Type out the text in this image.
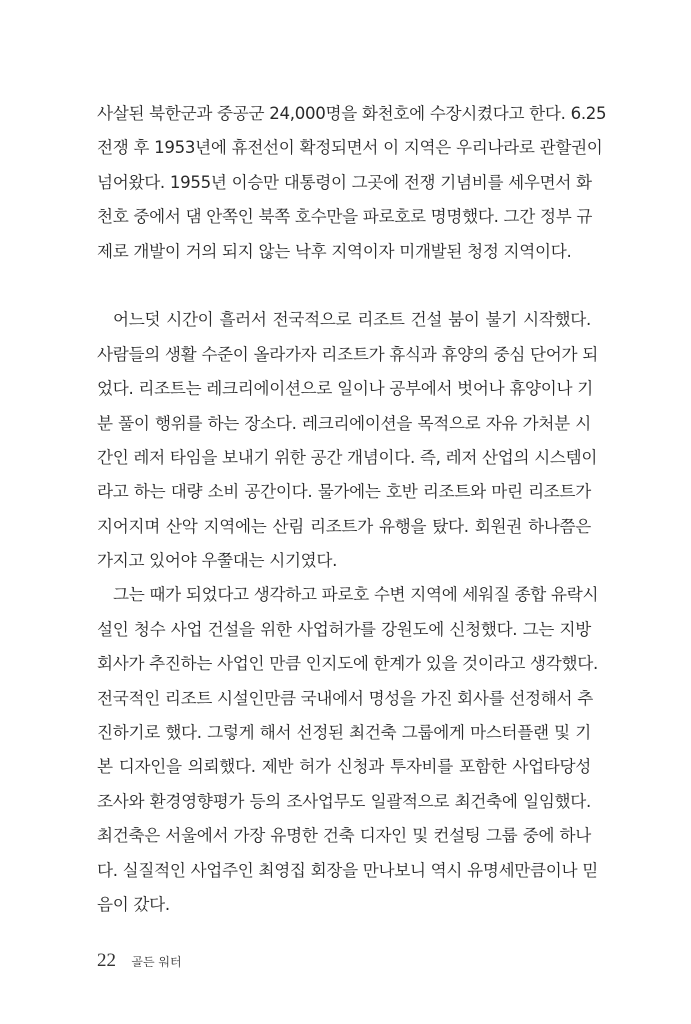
사살된 북한군과 중공군 24,000명을 화천호에 수장시켰다고 한다. 6.25
전쟁 후 1953년에 휴전선이 확정되면서 이 지역은 우리나라로 관할권이
넘어왔다. 1955년 이승만 대통령이 그곳에 전쟁 기념비를 세우면서 화
천호 중에서 댐 안쪽인 북쪽 호수만을 파로호로 명명했다. 그간 정부 규
제로 개발이 거의 되지 않는 낙후 지역이자 미개발된 청정 지역이다.
어느덧 시간이 흘러서 전국적으로 리조트 건설 붐이 불기 시작했다.
사람들의 생활 수준이 올라가자 리조트가 휴식과 휴양의 중심 단어가 되
었다. 리조트는 레크리에이션으로 일이나 공부에서 벗어나 휴양이나 기
분 풀이 행위를 하는 장소다. 레크리에이션을 목적으로 자유 가처분 시
간인 레저 타임을 보내기 위한 공간 개념이다. 즉, 레저 산업의 시스템이
라고 하는 대량 소비 공간이다. 물가에는 호반 리조트와 마린 리조트가
지어지며 산악 지역에는 산림 리조트가 유행을 탔다. 회원권 하나쯤은
가지고 있어야 우쭐대는 시기였다.
그는 때가 되었다고 생각하고 파로호 수변 지역에 세워질 종합 유락시
설인 청수 사업 건설을 위한 사업허가를 강원도에 신청했다. 그는 지방
회사가 추진하는 사업인 만큼 인지도에 한계가 있을 것이라고 생각했다.
전국적인 리조트 시설인만큼 국내에서 명성을 가진 회사를 선정해서 추
진하기로 했다. 그렇게 해서 선정된 최건축 그룹에게 마스터플랜 및 기
본 디자인을 의뢰했다. 제반 허가 신청과 투자비를 포함한 사업타당성
조사와 환경영향평가 등의 조사업무도 일괄적으로 최건축에 일임했다.
최건축은 서울에서 가장 유명한 건축 디자인 및 컨설팅 그룹 중에 하나
다. 실질적인 사업주인 최영집 회장을 만나보니 역시 유명세만큼이나 믿
음이 갔다.
22 골든 워터
